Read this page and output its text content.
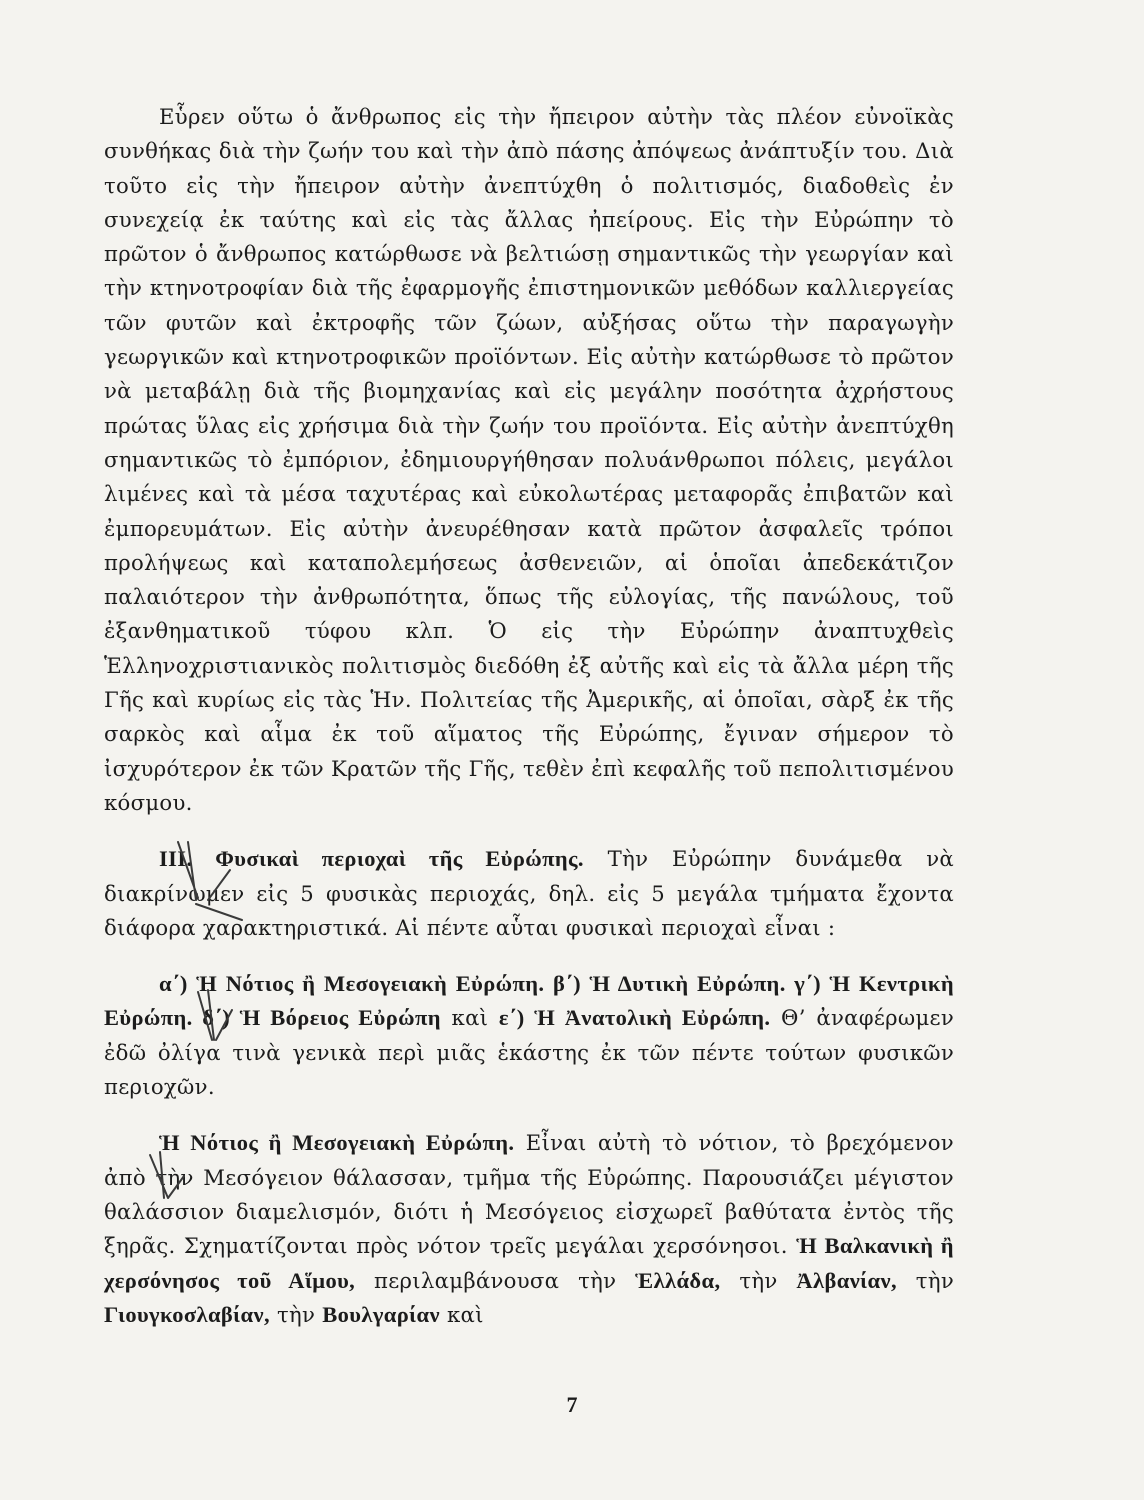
Εὗρεν οὕτω ὁ ἄνθρωπος εἰς τὴν ἤπειρον αὐτὴν τὰς πλέον εὐνοϊκὰς συνθήκας διὰ τὴν ζωήν του καὶ τὴν ἀπὸ πάσης ἀπόψεως ἀνάπτυξίν του. Διὰ τοῦτο εἰς τὴν ἤπειρον αὐτὴν ἀνεπτύχθη ὁ πολιτισμός, διαδοθεὶς ἐν συνεχείᾳ ἐκ ταύτης καὶ εἰς τὰς ἄλλας ἠπείρους. Εἰς τὴν Εὐρώπην τὸ πρῶτον ὁ ἄνθρωπος κατώρθωσε νὰ βελτιώσῃ σημαντικῶς τὴν γεωργίαν καὶ τὴν κτηνοτροφίαν διὰ τῆς ἐφαρμογῆς ἐπιστημονικῶν μεθόδων καλλιεργείας τῶν φυτῶν καὶ ἐκτροφῆς τῶν ζώων, αὐξήσας οὕτω τὴν παραγωγὴν γεωργικῶν καὶ κτηνοτροφικῶν προϊόντων. Εἰς αὐτὴν κατώρθωσε τὸ πρῶτον νὰ μεταβάλῃ διὰ τῆς βιομηχανίας καὶ εἰς μεγάλην ποσότητα ἀχρήστους πρώτας ὕλας εἰς χρήσιμα διὰ τὴν ζωήν του προϊόντα. Εἰς αὐτὴν ἀνεπτύχθη σημαντικῶς τὸ ἐμπόριον, ἐδημιουργήθησαν πολυάνθρωποι πόλεις, μεγάλοι λιμένες καὶ τὰ μέσα ταχυτέρας καὶ εὐκολωτέρας μεταφορᾶς ἐπιβατῶν καὶ ἐμπορευμάτων. Εἰς αὐτὴν ἀνευρέθησαν κατὰ πρῶτον ἀσφαλεῖς τρόποι προλήψεως καὶ καταπολεμήσεως ἀσθενειῶν, αἱ ὁποῖαι ἀπεδεκάτιζον παλαιότερον τὴν ἀνθρωπότητα, ὅπως τῆς εὐλογίας, τῆς πανώλους, τοῦ ἐξανθηματικοῦ τύφου κλπ. Ὁ εἰς τὴν Εὐρώπην ἀναπτυχθεὶς Ἑλληνοχριστιανικὸς πολιτισμὸς διεδόθη ἐξ αὐτῆς καὶ εἰς τὰ ἄλλα μέρη τῆς Γῆς καὶ κυρίως εἰς τὰς Ἡν. Πολιτείας τῆς Ἀμερικῆς, αἱ ὁποῖαι, σὰρξ ἐκ τῆς σαρκὸς καὶ αἷμα ἐκ τοῦ αἵματος τῆς Εὐρώπης, ἔγιναν σήμερον τὸ ἰσχυρότερον ἐκ τῶν Κρατῶν τῆς Γῆς, τεθὲν ἐπὶ κεφαλῆς τοῦ πεπολιτισμένου κόσμου.

ΙΙΙ. Φυσικαὶ περιοχαὶ τῆς Εὐρώπης. Τὴν Εὐρώπην δυνάμεθα νὰ διακρίνωμεν εἰς 5 φυσικὰς περιοχάς, δηλ. εἰς 5 μεγάλα τμήματα ἔχοντα διάφορα χαρακτηριστικά. Αἱ πέντε αὗται φυσικαὶ περιοχαὶ εἶναι :

α΄) Ἡ Νότιος ἢ Μεσογειακὴ Εὐρώπη. β΄) Ἡ Δυτικὴ Εὐρώπη. γ΄) Ἡ Κεντρικὴ Εὐρώπη. δ΄) Ἡ Βόρειος Εὐρώπη καὶ ε΄) Ἡ Ἀνατολικὴ Εὐρώπη. Θ’ ἀναφέρωμεν ἐδῶ ὀλίγα τινὰ γενικὰ περὶ μιᾶς ἑκάστης ἐκ τῶν πέντε τούτων φυσικῶν περιοχῶν.

Ἡ Νότιος ἢ Μεσογειακὴ Εὐρώπη. Εἶναι αὐτὴ τὸ νότιον, τὸ βρεχόμενον ἀπὸ τὴν Μεσόγειον θάλασσαν, τμῆμα τῆς Εὐρώπης. Παρουσιάζει μέγιστον θαλάσσιον διαμελισμόν, διότι ἡ Μεσόγειος εἰσχωρεῖ βαθύτατα ἐντὸς τῆς ξηρᾶς. Σχηματίζονται πρὸς νότον τρεῖς μεγάλαι χερσόνησοι. Ἡ Βαλκανικὴ ἢ χερσόνησος τοῦ Αἵμου, περιλαμβάνουσα τὴν Ἑλλάδα, τὴν Ἀλβανίαν, τὴν Γιουγκοσλαβίαν, τὴν Βουλγαρίαν καὶ

7
